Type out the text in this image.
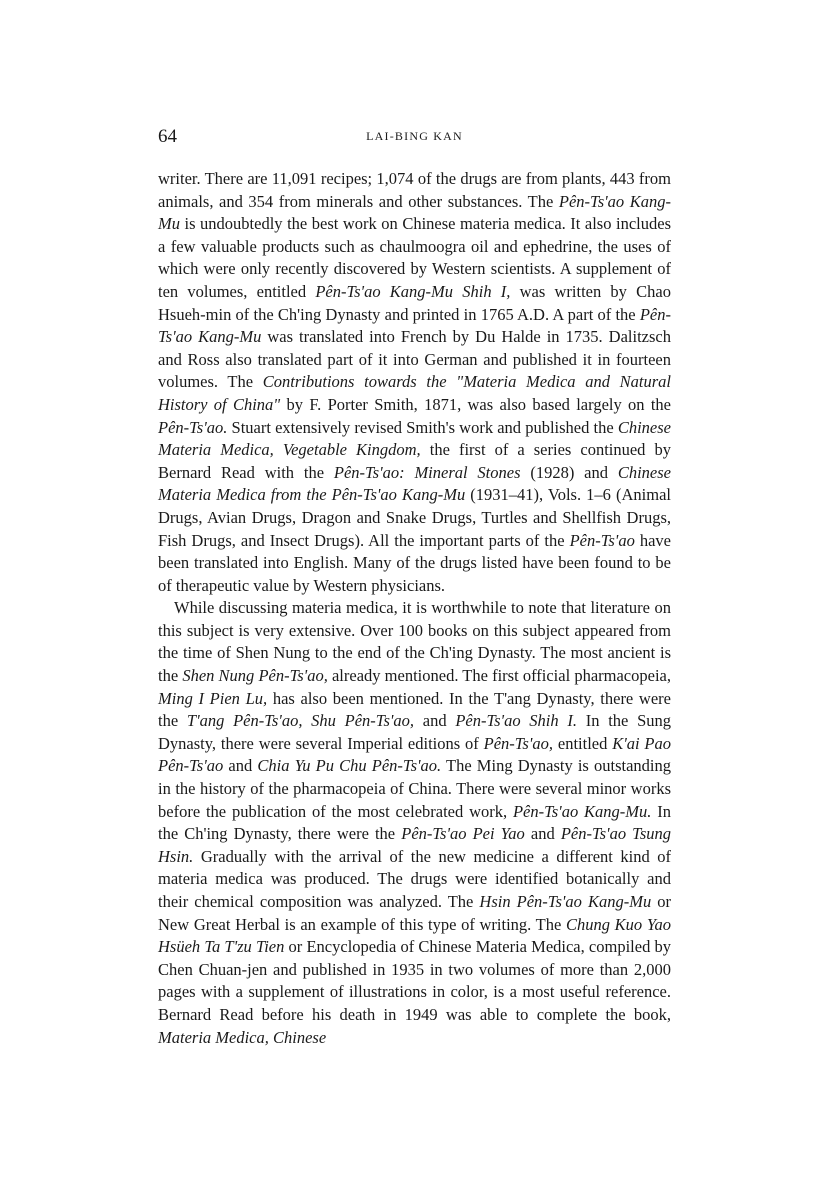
64	LAI-BING KAN

writer. There are 11,091 recipes; 1,074 of the drugs are from plants, 443 from animals, and 354 from minerals and other substances. The Pên-Ts'ao Kang-Mu is undoubtedly the best work on Chinese materia medica. It also includes a few valuable products such as chaulmoogra oil and ephedrine, the uses of which were only recently discovered by Western scientists. A supplement of ten volumes, entitled Pên-Ts'ao Kang-Mu Shih I, was written by Chao Hsueh-min of the Ch'ing Dynasty and printed in 1765 A.D. A part of the Pên-Ts'ao Kang-Mu was translated into French by Du Halde in 1735. Dalitzsch and Ross also translated part of it into German and published it in fourteen volumes. The Contributions towards the "Materia Medica and Natural History of China" by F. Porter Smith, 1871, was also based largely on the Pên-Ts'ao. Stuart extensively revised Smith's work and published the Chinese Materia Medica, Vegetable Kingdom, the first of a series continued by Bernard Read with the Pên-Ts'ao: Mineral Stones (1928) and Chinese Materia Medica from the Pên-Ts'ao Kang-Mu (1931–41), Vols. 1–6 (Animal Drugs, Avian Drugs, Dragon and Snake Drugs, Turtles and Shellfish Drugs, Fish Drugs, and Insect Drugs). All the important parts of the Pên-Ts'ao have been translated into English. Many of the drugs listed have been found to be of therapeutic value by Western physicians.

While discussing materia medica, it is worthwhile to note that literature on this subject is very extensive. Over 100 books on this subject appeared from the time of Shen Nung to the end of the Ch'ing Dynasty. The most ancient is the Shen Nung Pên-Ts'ao, already mentioned. The first official pharmacopeia, Ming I Pien Lu, has also been mentioned. In the T'ang Dynasty, there were the T'ang Pên-Ts'ao, Shu Pên-Ts'ao, and Pên-Ts'ao Shih I. In the Sung Dynasty, there were several Imperial editions of Pên-Ts'ao, entitled K'ai Pao Pên-Ts'ao and Chia Yu Pu Chu Pên-Ts'ao. The Ming Dynasty is outstanding in the history of the pharmacopeia of China. There were several minor works before the publication of the most celebrated work, Pên-Ts'ao Kang-Mu. In the Ch'ing Dynasty, there were the Pên-Ts'ao Pei Yao and Pên-Ts'ao Tsung Hsin. Gradually with the arrival of the new medicine a different kind of materia medica was produced. The drugs were identified botanically and their chemical composition was analyzed. The Hsin Pên-Ts'ao Kang-Mu or New Great Herbal is an example of this type of writing. The Chung Kuo Yao Hsüeh Ta T'zu Tien or Encyclopedia of Chinese Materia Medica, compiled by Chen Chuan-jen and published in 1935 in two volumes of more than 2,000 pages with a supplement of illustrations in color, is a most useful reference. Bernard Read before his death in 1949 was able to complete the book, Materia Medica, Chinese
